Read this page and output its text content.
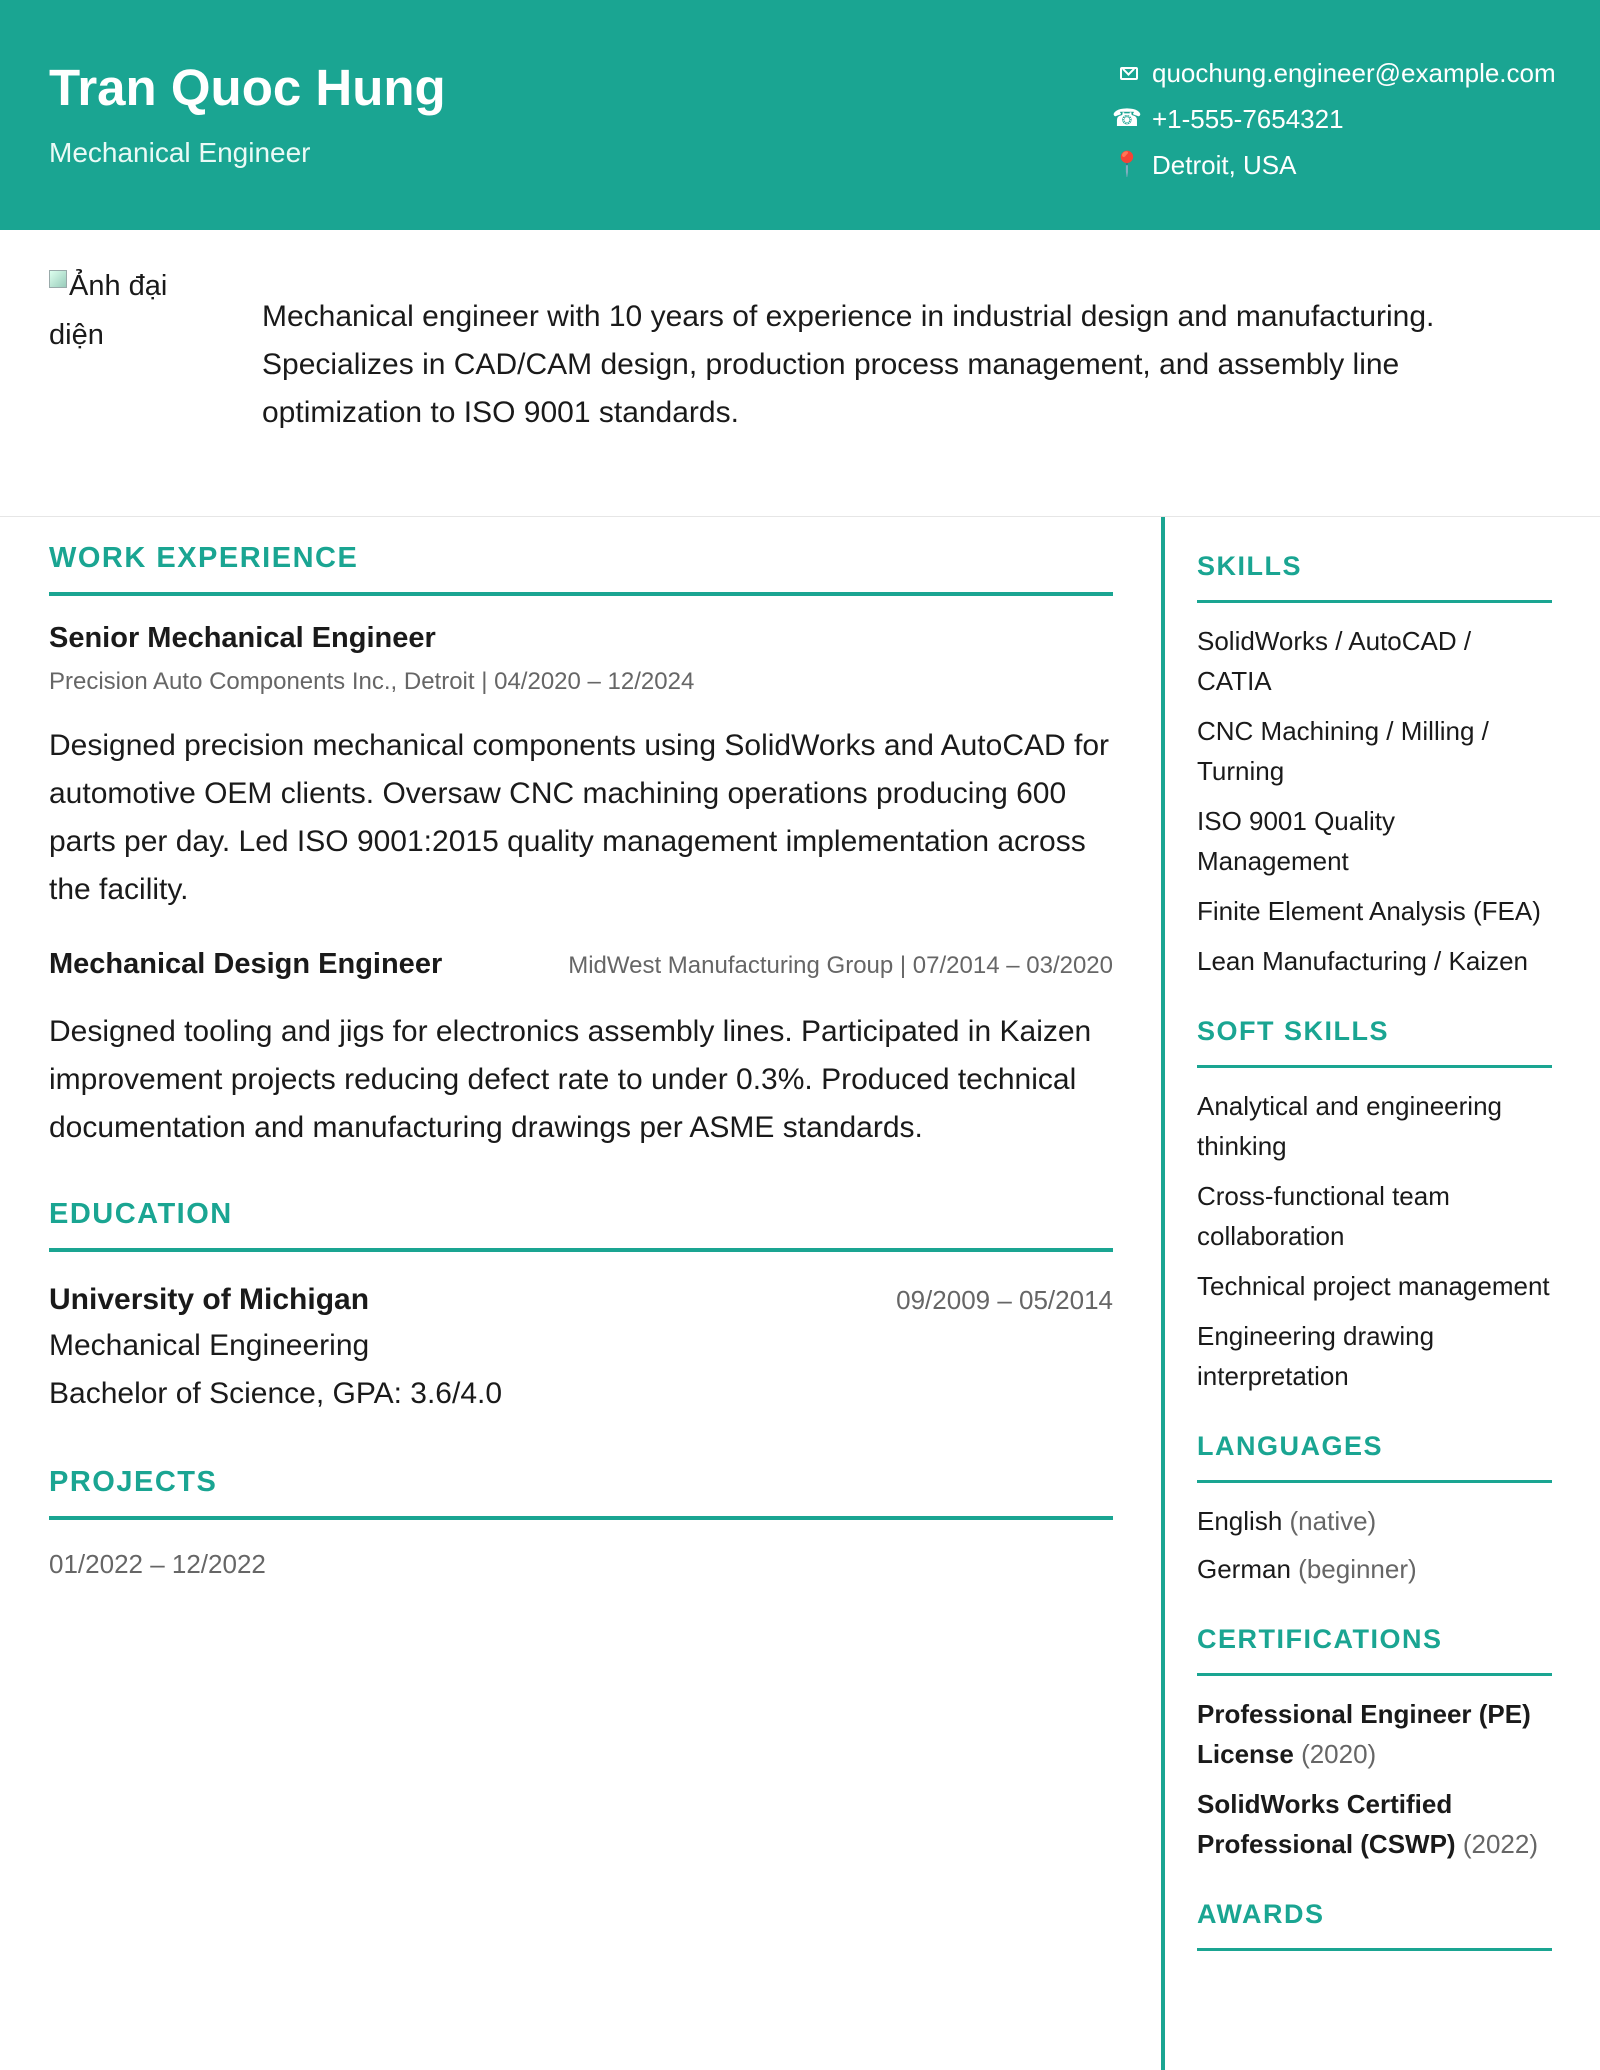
Tran Quoc Hung
Mechanical Engineer
quochung.engineer@example.com
☎ +1-555-7654321
📍 Detroit, USA
Ảnh đại diện
Mechanical engineer with 10 years of experience in industrial design and manufacturing. Specializes in CAD/CAM design, production process management, and assembly line optimization to ISO 9001 standards.
WORK EXPERIENCE
Senior Mechanical Engineer
Precision Auto Components Inc., Detroit | 04/2020 – 12/2024
Designed precision mechanical components using SolidWorks and AutoCAD for automotive OEM clients. Oversaw CNC machining operations producing 600 parts per day. Led ISO 9001:2015 quality management implementation across the facility.
Mechanical Design Engineer	MidWest Manufacturing Group | 07/2014 – 03/2020
Designed tooling and jigs for electronics assembly lines. Participated in Kaizen improvement projects reducing defect rate to under 0.3%. Produced technical documentation and manufacturing drawings per ASME standards.
EDUCATION
University of Michigan	09/2009 – 05/2014
Mechanical Engineering
Bachelor of Science, GPA: 3.6/4.0
PROJECTS
01/2022 – 12/2022
SKILLS
SolidWorks / AutoCAD / CATIA
CNC Machining / Milling / Turning
ISO 9001 Quality Management
Finite Element Analysis (FEA)
Lean Manufacturing / Kaizen
SOFT SKILLS
Analytical and engineering thinking
Cross-functional team collaboration
Technical project management
Engineering drawing interpretation
LANGUAGES
English (native)
German (beginner)
CERTIFICATIONS
Professional Engineer (PE) License (2020)
SolidWorks Certified Professional (CSWP) (2022)
AWARDS
